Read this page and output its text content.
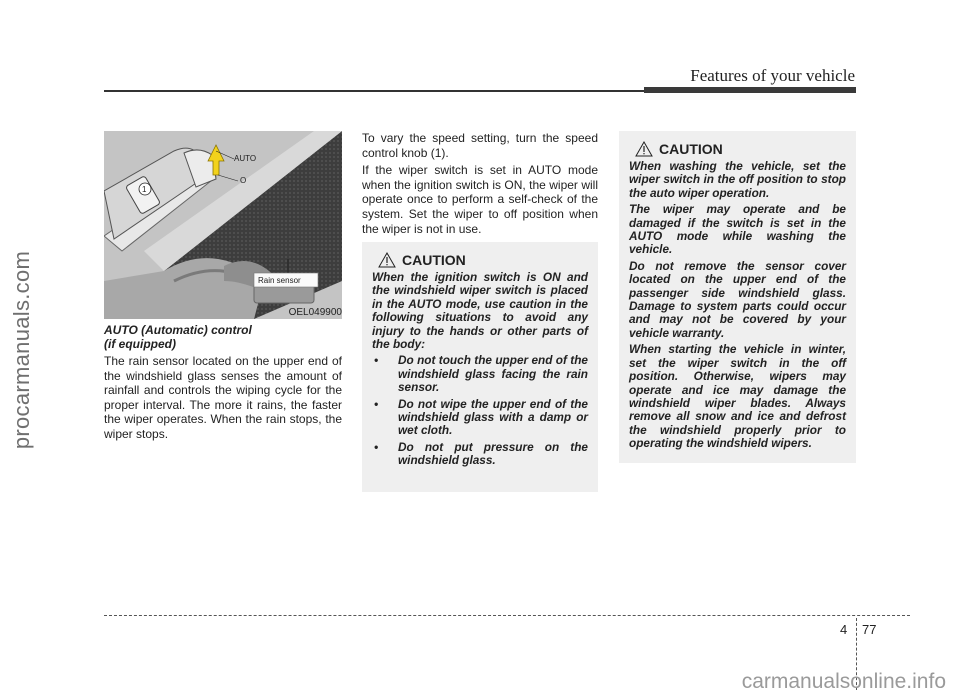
procarmanuals.com
Features of your vehicle
AUTO
O
1
Rain sensor
OEL049900

AUTO (Automatic) control
(if equipped)

The rain sensor located on the upper end of the windshield glass senses the amount of rainfall and controls the wiping cycle for the proper interval. The more it rains, the faster the wiper operates. When the rain stops, the wiper stops.

To vary the speed setting, turn the speed control knob (1).

If the wiper switch is set in AUTO mode when the ignition switch is ON, the wiper will operate once to perform a self-check of the system. Set the wiper to off position when the wiper is not in use.

CAUTION

When the ignition switch is ON and the windshield wiper switch is placed in the AUTO mode, use caution in the following situations to avoid any injury to the hands or other parts of the body:

• Do not touch the upper end of the windshield glass facing the rain sensor.
• Do not wipe the upper end of the windshield glass with a damp or wet cloth.
• Do not put pressure on the windshield glass.
CAUTION

When washing the vehicle, set the wiper switch in the off position to stop the auto wiper operation.

The wiper may operate and be damaged if the switch is set in the AUTO mode while washing the vehicle.

Do not remove the sensor cover located on the upper end of the passenger side windshield glass. Damage to system parts could occur and may not be covered by your vehicle warranty.

When starting the vehicle in winter, set the wiper switch in the off position. Otherwise, wipers may operate and ice may damage the windshield wiper blades. Always remove all snow and ice and defrost the windshield properly prior to operating the windshield wipers.

4 77
carmanualsonline.info
